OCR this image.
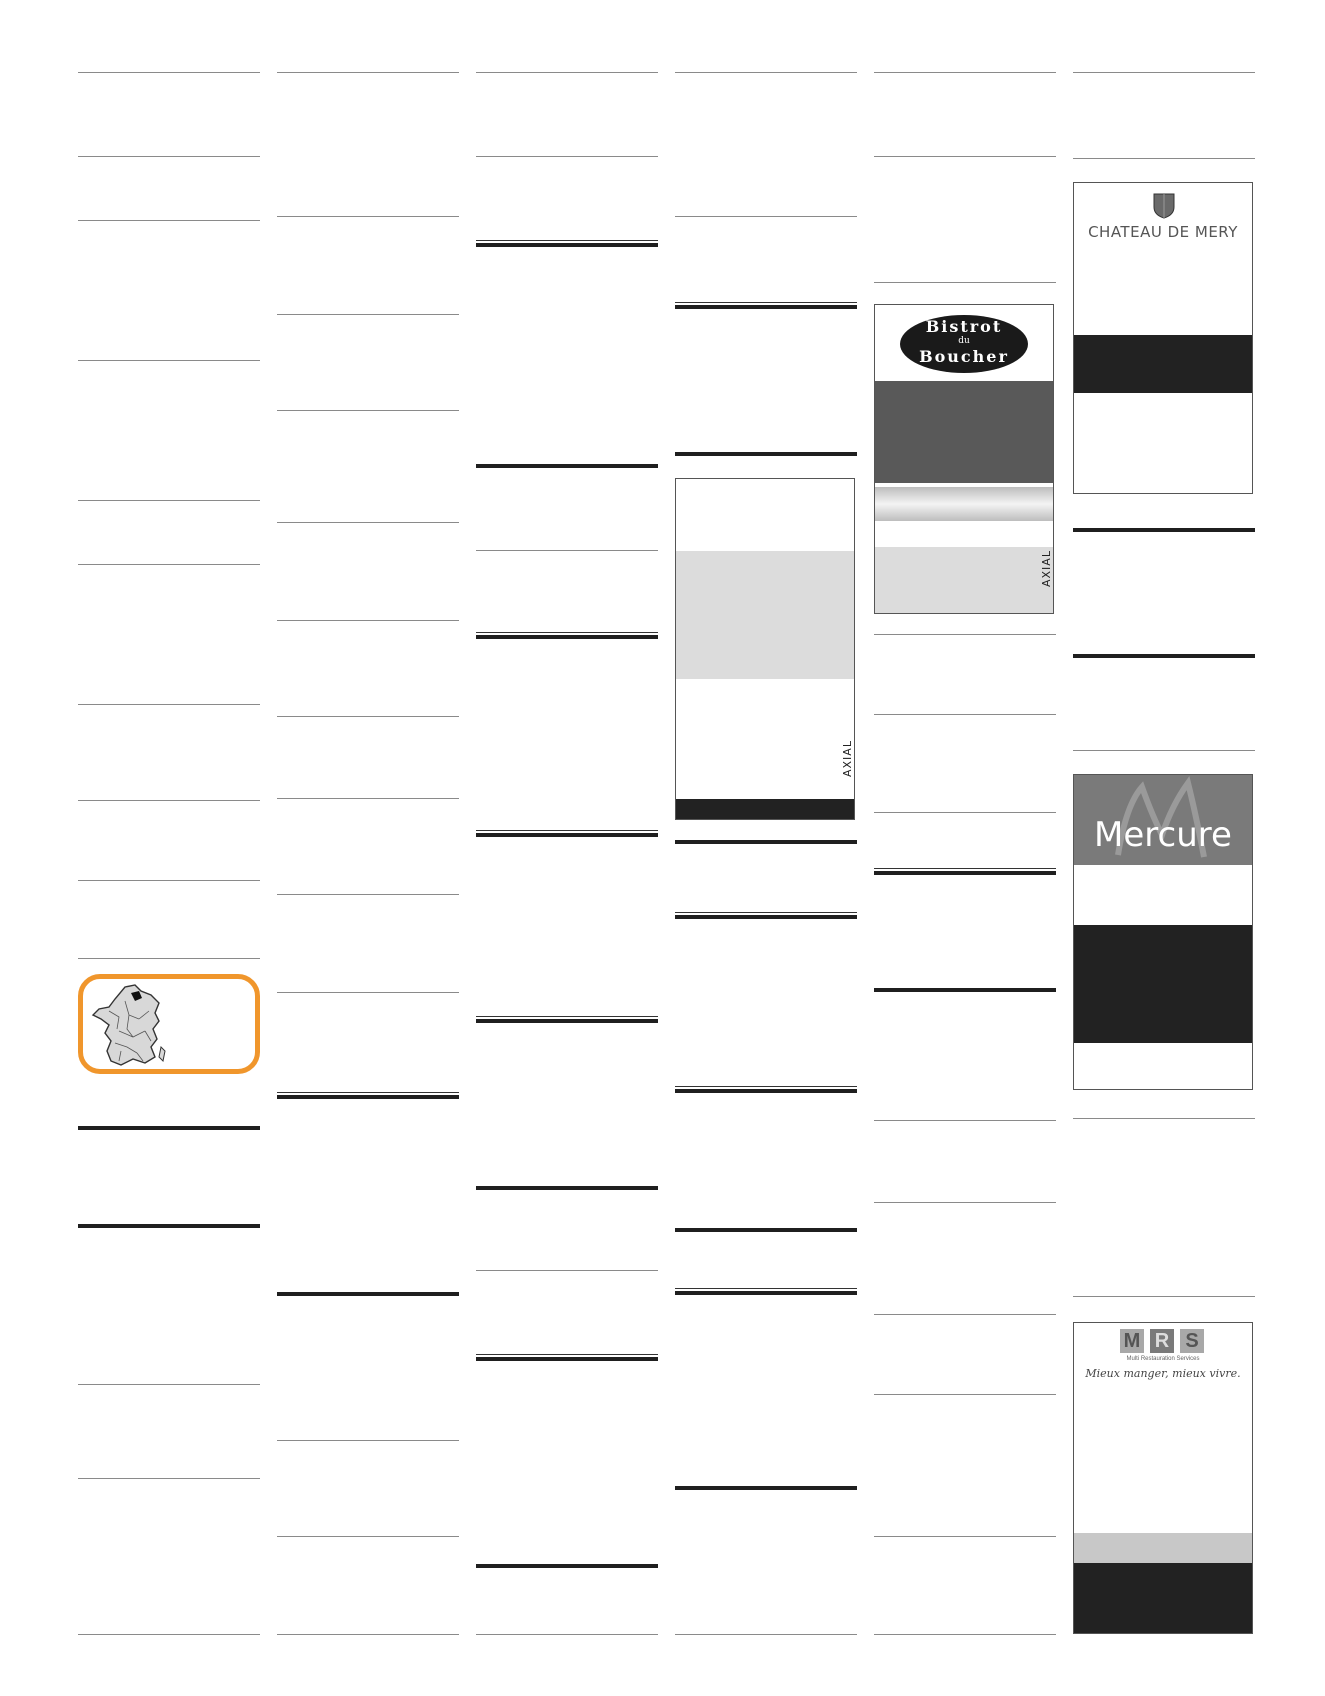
AXIAL
Bistrot
du
Boucher
AXIAL
CHATEAU DE MERY
Mercure
M R S
Multi Restauration Services
Mieux manger, mieux vivre.
